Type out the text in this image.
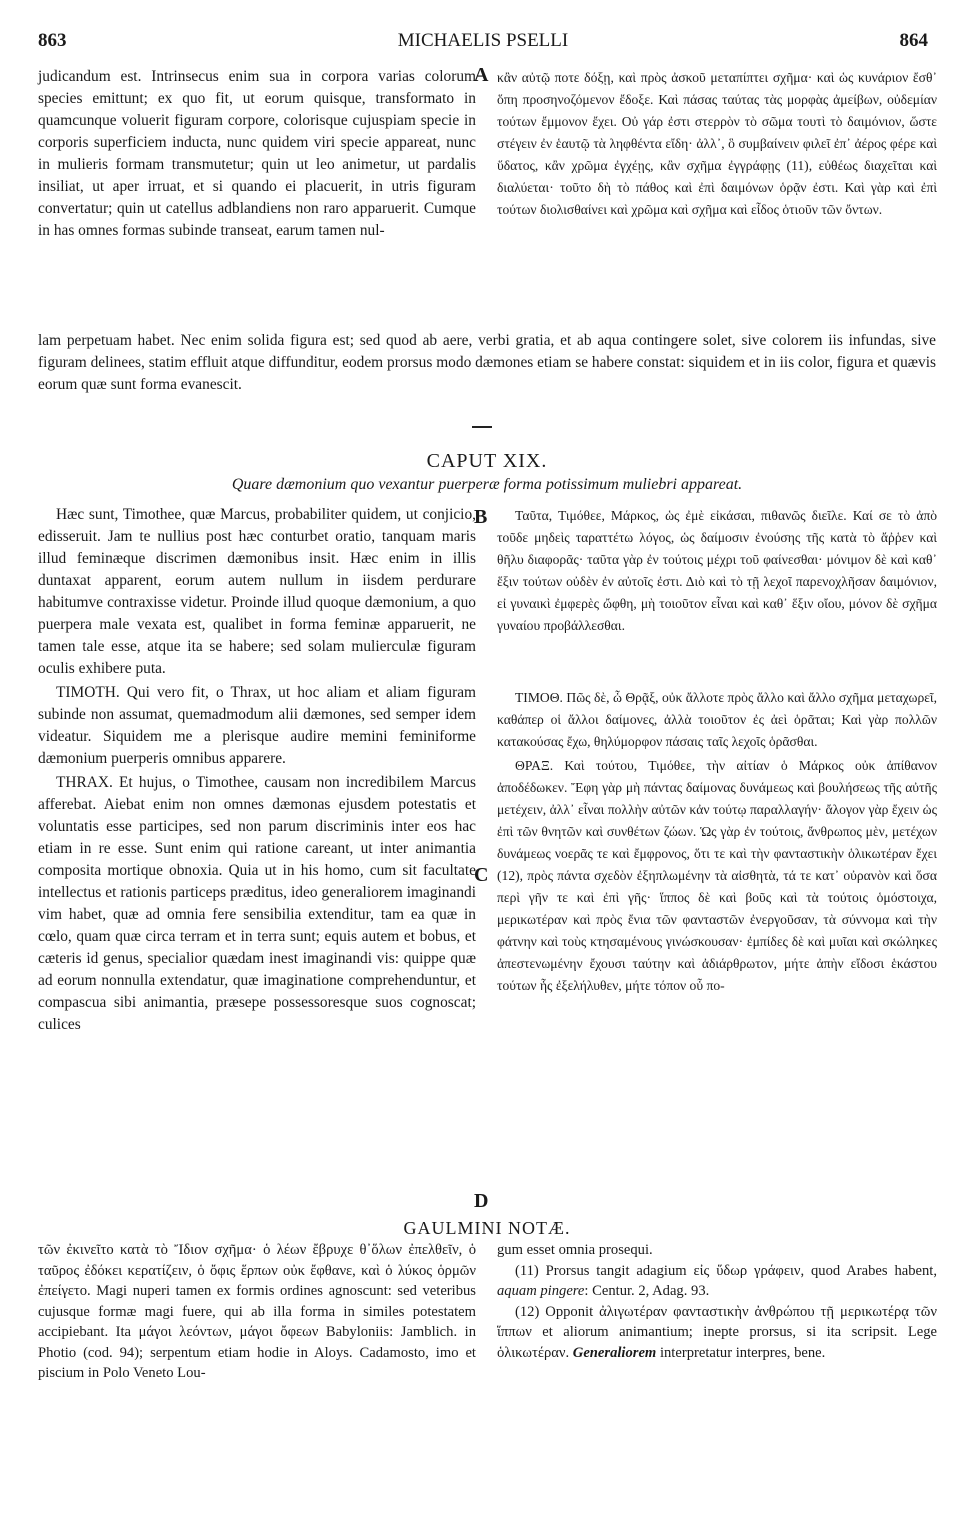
863	MICHAELIS PSELLI	864

judicandum est. Intrinsecus enim sua in corpora varias colorum species emittunt; ex quo fit, ut eorum quisque, transformato in quamcunque voluerit figuram corpore, colorisque cujuspiam specie in corporis superficiem inducta, nunc quidem viri specie appareat, nunc in mulieris formam transmutetur; quin ut leo animetur, ut pardalis insiliat, ut aper irruat, et si quando ei placuerit, in utris figuram convertatur; quin ut catellus adblandiens non raro apparuerit. Cumque in has omnes formas subinde transeat, earum tamen nul-

A κἂν αὐτῷ ποτε δόξῃ, καὶ πρὸς ἀσκοῦ μεταπίπτει σχῆμα· καὶ ὡς κυνάριον ἔσθ᾽ ὅπη προσηνοζόμενον ἔδοξε. Καὶ πάσας ταύτας τὰς μορφὰς ἀμείβων, οὐδεμίαν τούτων ἔμμονον ἔχει. Οὐ γάρ ἐστι στερρὸν τὸ σῶμα τουτὶ τὸ δαιμόνιον, ὥστε στέγειν ἐν ἑαυτῷ τὰ ληφθέντα εἴδη· ἀλλ᾽, ὃ συμβαίνειν φιλεῖ ἐπ᾽ ἀέρος φέρε καὶ ὕδατος, κἂν χρῶμα ἐγχέῃς, κἂν σχῆμα ἐγγράφῃς (11), εὐθέως διαχεῖται καὶ διαλύεται· τοῦτο δὴ τὸ πάθος καὶ ἐπὶ δαιμόνων ὁρᾷν ἐστι. Καὶ γὰρ καὶ ἐπὶ τούτων διολισθαίνει καὶ χρῶμα καὶ σχῆμα καὶ εἶδος ὁτιοῦν τῶν ὄντων.

lam perpetuam habet. Nec enim solida figura est; sed quod ab aere, verbi gratia, et ab aqua contingere solet, sive colorem iis infundas, sive figuram delinees, statim effluit atque diffunditur, eodem prorsus modo dæmones etiam se habere constat: siquidem et in iis color, figura et quævis eorum quæ sunt forma evanescit.

CAPUT XIX.
Quare dæmonium quo vexantur puerperæ forma potissimum muliebri appareat.

Hæc sunt, Timothee, quæ Marcus, probabiliter quidem, ut conjicio, edisseruit. Jam te nullius post hæc conturbet oratio, tanquam maris illud feminæque discrimen dæmonibus insit. Hæc enim in illis duntaxat apparent, eorum autem nullum in iisdem perdurare habitumve contraxisse videtur. Proinde illud quoque dæmonium, a quo puerpera male vexata est, qualibet in forma feminæ apparuerit, ne tamen tale esse, atque ita se habere; sed solam mulierculæ figuram oculis exhibere puta.

TIMOTH. Qui vero fit, o Thrax, ut hoc aliam et aliam figuram subinde non assumat, quemadmodum alii dæmones, sed semper idem videatur. Siquidem me a plerisque audire memini feminiforme dæmonium puerperis omnibus apparere.

THRAX. Et hujus, o Timothee, causam non incredibilem Marcus afferebat. Aiebat enim non omnes dæmonas ejusdem potestatis et voluntatis esse participes, sed non parum discriminis inter eos hac etiam in re esse. Sunt enim qui ratione careant, ut inter animantia composita mortique obnoxia. Quia ut in his homo, cum sit facultate intellectus et rationis particeps præditus, ideo generaliorem imaginandi vim habet, quæ ad omnia fere sensibilia extenditur, tam ea quæ in cœlo, quam quæ circa terram et in terra sunt; equis autem et bobus, et cæteris id genus, specialior quædam inest imaginandi vis: quippe quæ ad eorum nonnulla extendatur, quæ imaginatione comprehenduntur, et compascua sibi animantia, præsepe possessoresque suos cognoscat; culices

B
C
D

Ταῦτα, Τιμόθεε, Μάρκος, ὡς ἐμὲ εἰκάσαι, πιθανῶς διεῖλε. Καί σε τὸ ἀπὸ τοῦδε μηδεὶς ταραττέτω λόγος, ὡς δαίμοσιν ἐνούσης τῆς κατὰ τὸ ἄῤῥεν καὶ θῆλυ διαφορᾶς· ταῦτα γὰρ ἐν τούτοις μέχρι τοῦ φαίνεσθαι· μόνιμον δὲ καὶ καθ᾽ ἕξιν τούτων οὐδὲν ἐν αὐτοῖς ἐστι. Διὸ καὶ τὸ τῇ λεχοῖ παρενοχλῆσαν δαιμόνιον, εἰ γυναικὶ ἐμφερὲς ὤφθη, μὴ τοιοῦτον εἶναι καὶ καθ᾽ ἕξιν οἴου, μόνον δὲ σχῆμα γυναίου προβάλλεσθαι.

ΤΙΜΟΘ. Πῶς δὲ, ὦ Θρᾷξ, οὐκ ἄλλοτε πρὸς ἄλλο καὶ ἄλλο σχῆμα μεταχωρεῖ, καθάπερ οἱ ἄλλοι δαίμονες, ἀλλὰ τοιοῦτον ἐς ἀεὶ ὁρᾶται; Καὶ γὰρ πολλῶν κατακούσας ἔχω, θηλύμορφον πάσαις ταῖς λεχοῖς ὁρᾶσθαι.

ΘΡΑΞ. Καὶ τούτου, Τιμόθεε, τὴν αἰτίαν ὁ Μάρκος οὐκ ἀπίθανον ἀποδέδωκεν. Ἔφη γὰρ μὴ πάντας δαίμονας δυνάμεως καὶ βουλήσεως τῆς αὐτῆς μετέχειν, ἀλλ᾽ εἶναι πολλὴν αὐτῶν κἀν τούτῳ παραλλαγήν· ἄλογον γὰρ ἔχειν ὡς ἐπὶ τῶν θνητῶν καὶ συνθέτων ζώων. Ὡς γὰρ ἐν τούτοις, ἄνθρωπος μὲν, μετέχων δυνάμεως νοερᾶς τε καὶ ἔμφρονος, ὅτι τε καὶ τὴν φανταστικὴν ὁλικωτέραν ἔχει (12), πρὸς πάντα σχεδὸν ἐξηπλωμένην τὰ αἰσθητὰ, τά τε κατ᾽ οὐρανὸν καὶ ὅσα περὶ γῆν τε καὶ ἐπὶ γῆς· ἵππος δὲ καὶ βοῦς καὶ τὰ τούτοις ὁμόστοιχα, μερικωτέραν καὶ πρὸς ἔνια τῶν φανταστῶν ἐνεργοῦσαν, τὰ σύννομα καὶ τὴν φάτνην καὶ τοὺς κτησαμένους γινώσκουσαν· ἐμπίδες δὲ καὶ μυῖαι καὶ σκώληκες ἀπεστενωμένην ἔχουσι ταύτην καὶ ἀδιάρθρωτον, μήτε ἀπὴν εἴδοσι ἑκάστου τούτων ἧς ἐξελήλυθεν, μήτε τόπον οὗ πο-

GAULMINI NOTÆ.

τῶν ἐκινεῖτο κατὰ τὸ Ἴδιον σχῆμα· ὁ λέων ἔβρυχε θ᾽ὅλων ἐπελθεῖν, ὁ ταῦρος ἐδόκει κερατίζειν, ὁ ὄφις ἕρπων οὐκ ἔφθανε, καὶ ὁ λύκος ὁρμῶν ἐπείγετο. Magi nuperi tamen ex formis ordines agnoscunt: sed veteribus cujusque formæ magi fuere, qui ab illa forma in similes potestatem accipiebant. Ita μάγοι λεόντων, μάγοι ὄφεων Babyloniis: Jamblich. in Photio (cod. 94); serpentum etiam hodie in Aloys. Cadamosto, imo et piscium in Polo Veneto Lou-

gum esset omnia prosequi.

(11) Prorsus tangit adagium εἰς ὕδωρ γράφειν, quod Arabes habent, aquam pingere: Centur. 2, Adag. 93.

(12) Opponit ἀλιγωτέραν φανταστικὴν ἀνθρώπου τῇ μερικωτέρᾳ τῶν ἵππων et aliorum animantium; inepte prorsus, si ita scripsit. Lege ὁλικωτέραν. Generaliorem interpretatur interpres, bene.
